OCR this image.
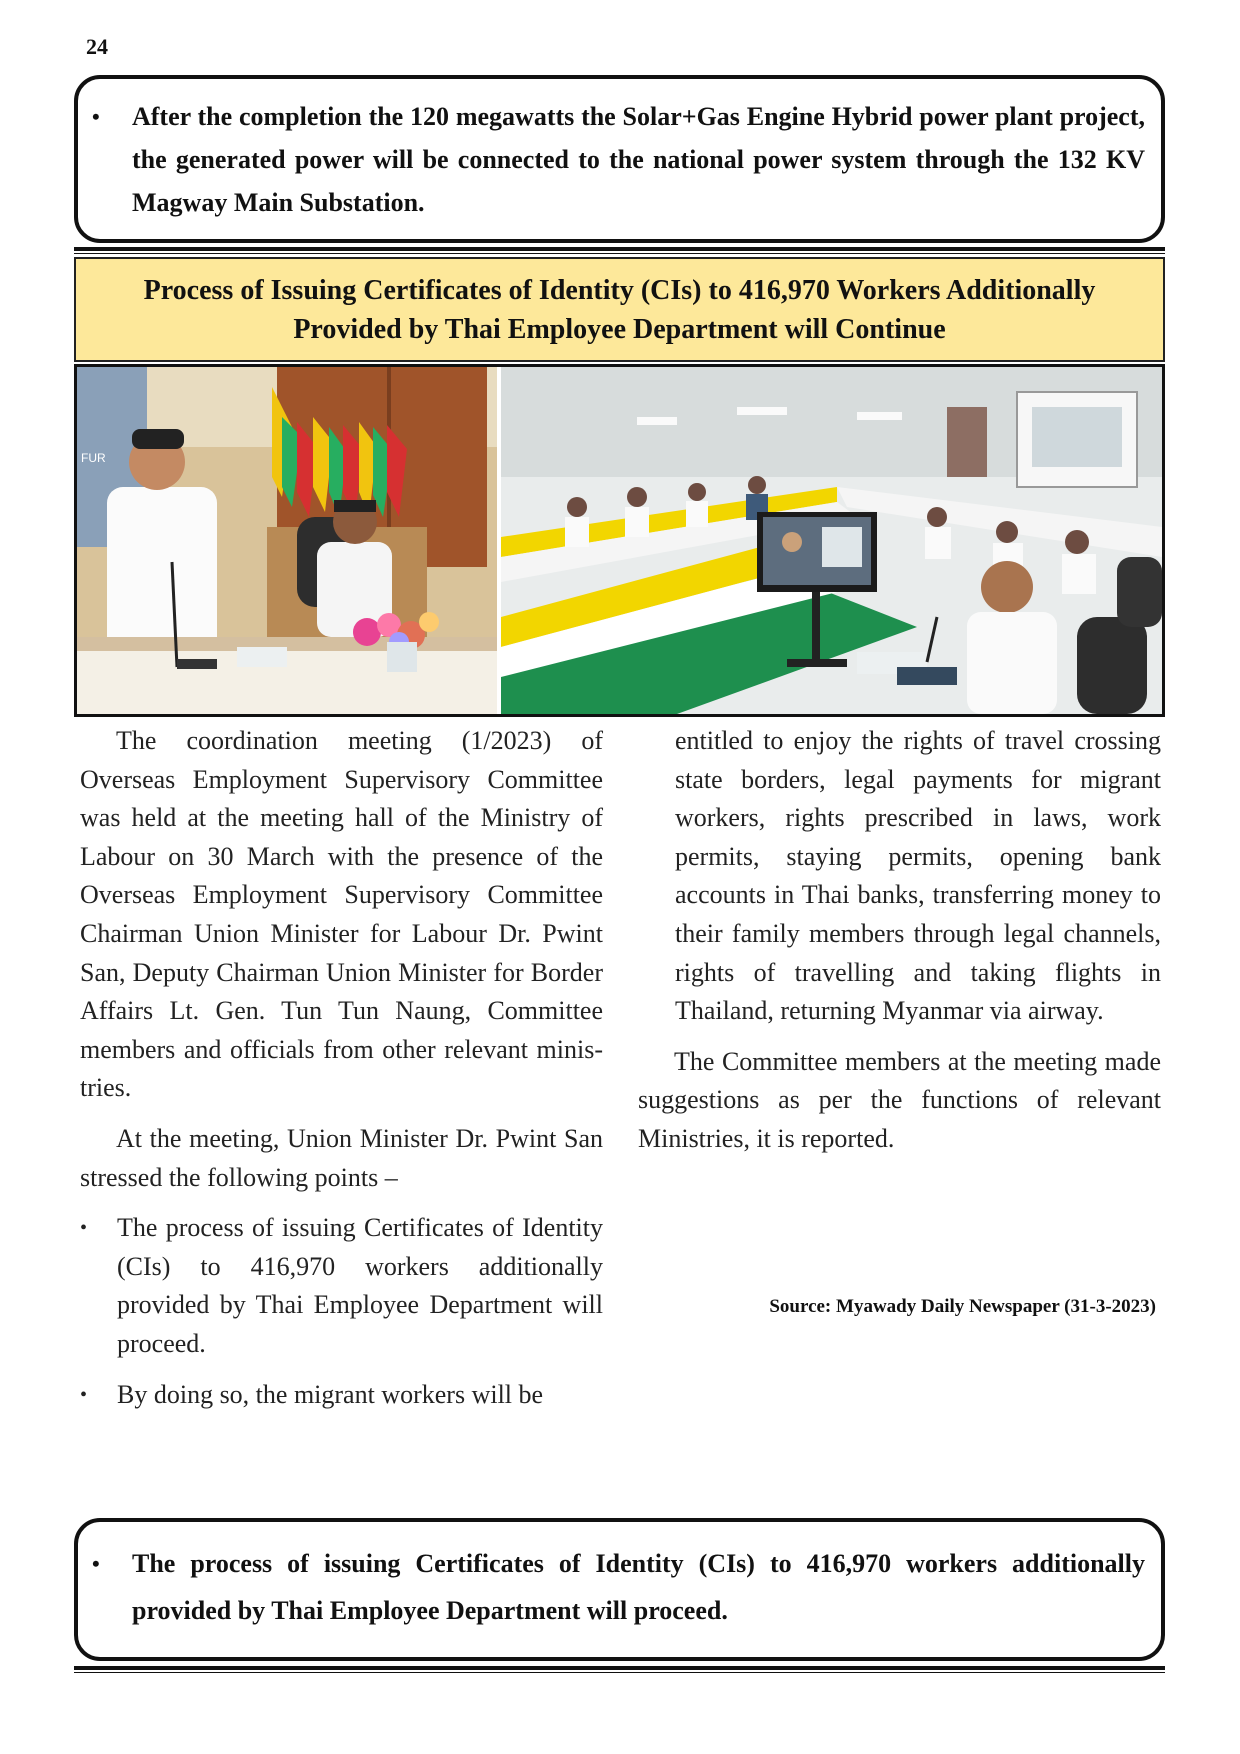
24
• After the completion the 120 megawatts the Solar+Gas Engine Hybrid power plant project, the generated power will be connected to the national power system through the 132 KV Magway Main Substation.
Process of Issuing Certificates of Identity (CIs) to 416,970 Workers Additionally
Provided by Thai Employee Department will Continue
FUR

The coordination meeting (1/2023) of Overseas Employment Supervisory Committee was held at the meeting hall of the Ministry of Labour on 30 March with the presence of the Overseas Employment Supervisory Committee Chairman Union Minister for Labour Dr. Pwint San, Deputy Chairman Union Minister for Border Affairs Lt. Gen. Tun Tun Naung, Committee members and officials from other relevant ministries.

At the meeting, Union Minister Dr. Pwint San stressed the following points –

• The process of issuing Certificates of Identity (CIs) to 416,970 workers additionally provided by Thai Employee Department will proceed.
• By doing so, the migrant workers will be

entitled to enjoy the rights of travel crossing state borders, legal payments for migrant workers, rights prescribed in laws, work permits, staying permits, opening bank accounts in Thai banks, transferring money to their family members through legal channels, rights of travelling and taking flights in Thailand, returning Myanmar via airway.

The Committee members at the meeting made suggestions as per the functions of relevant Ministries, it is reported.

Source: Myawady Daily Newspaper (31-3-2023)
• The process of issuing Certificates of Identity (CIs) to 416,970 workers additionally provided by Thai Employee Department will proceed.
